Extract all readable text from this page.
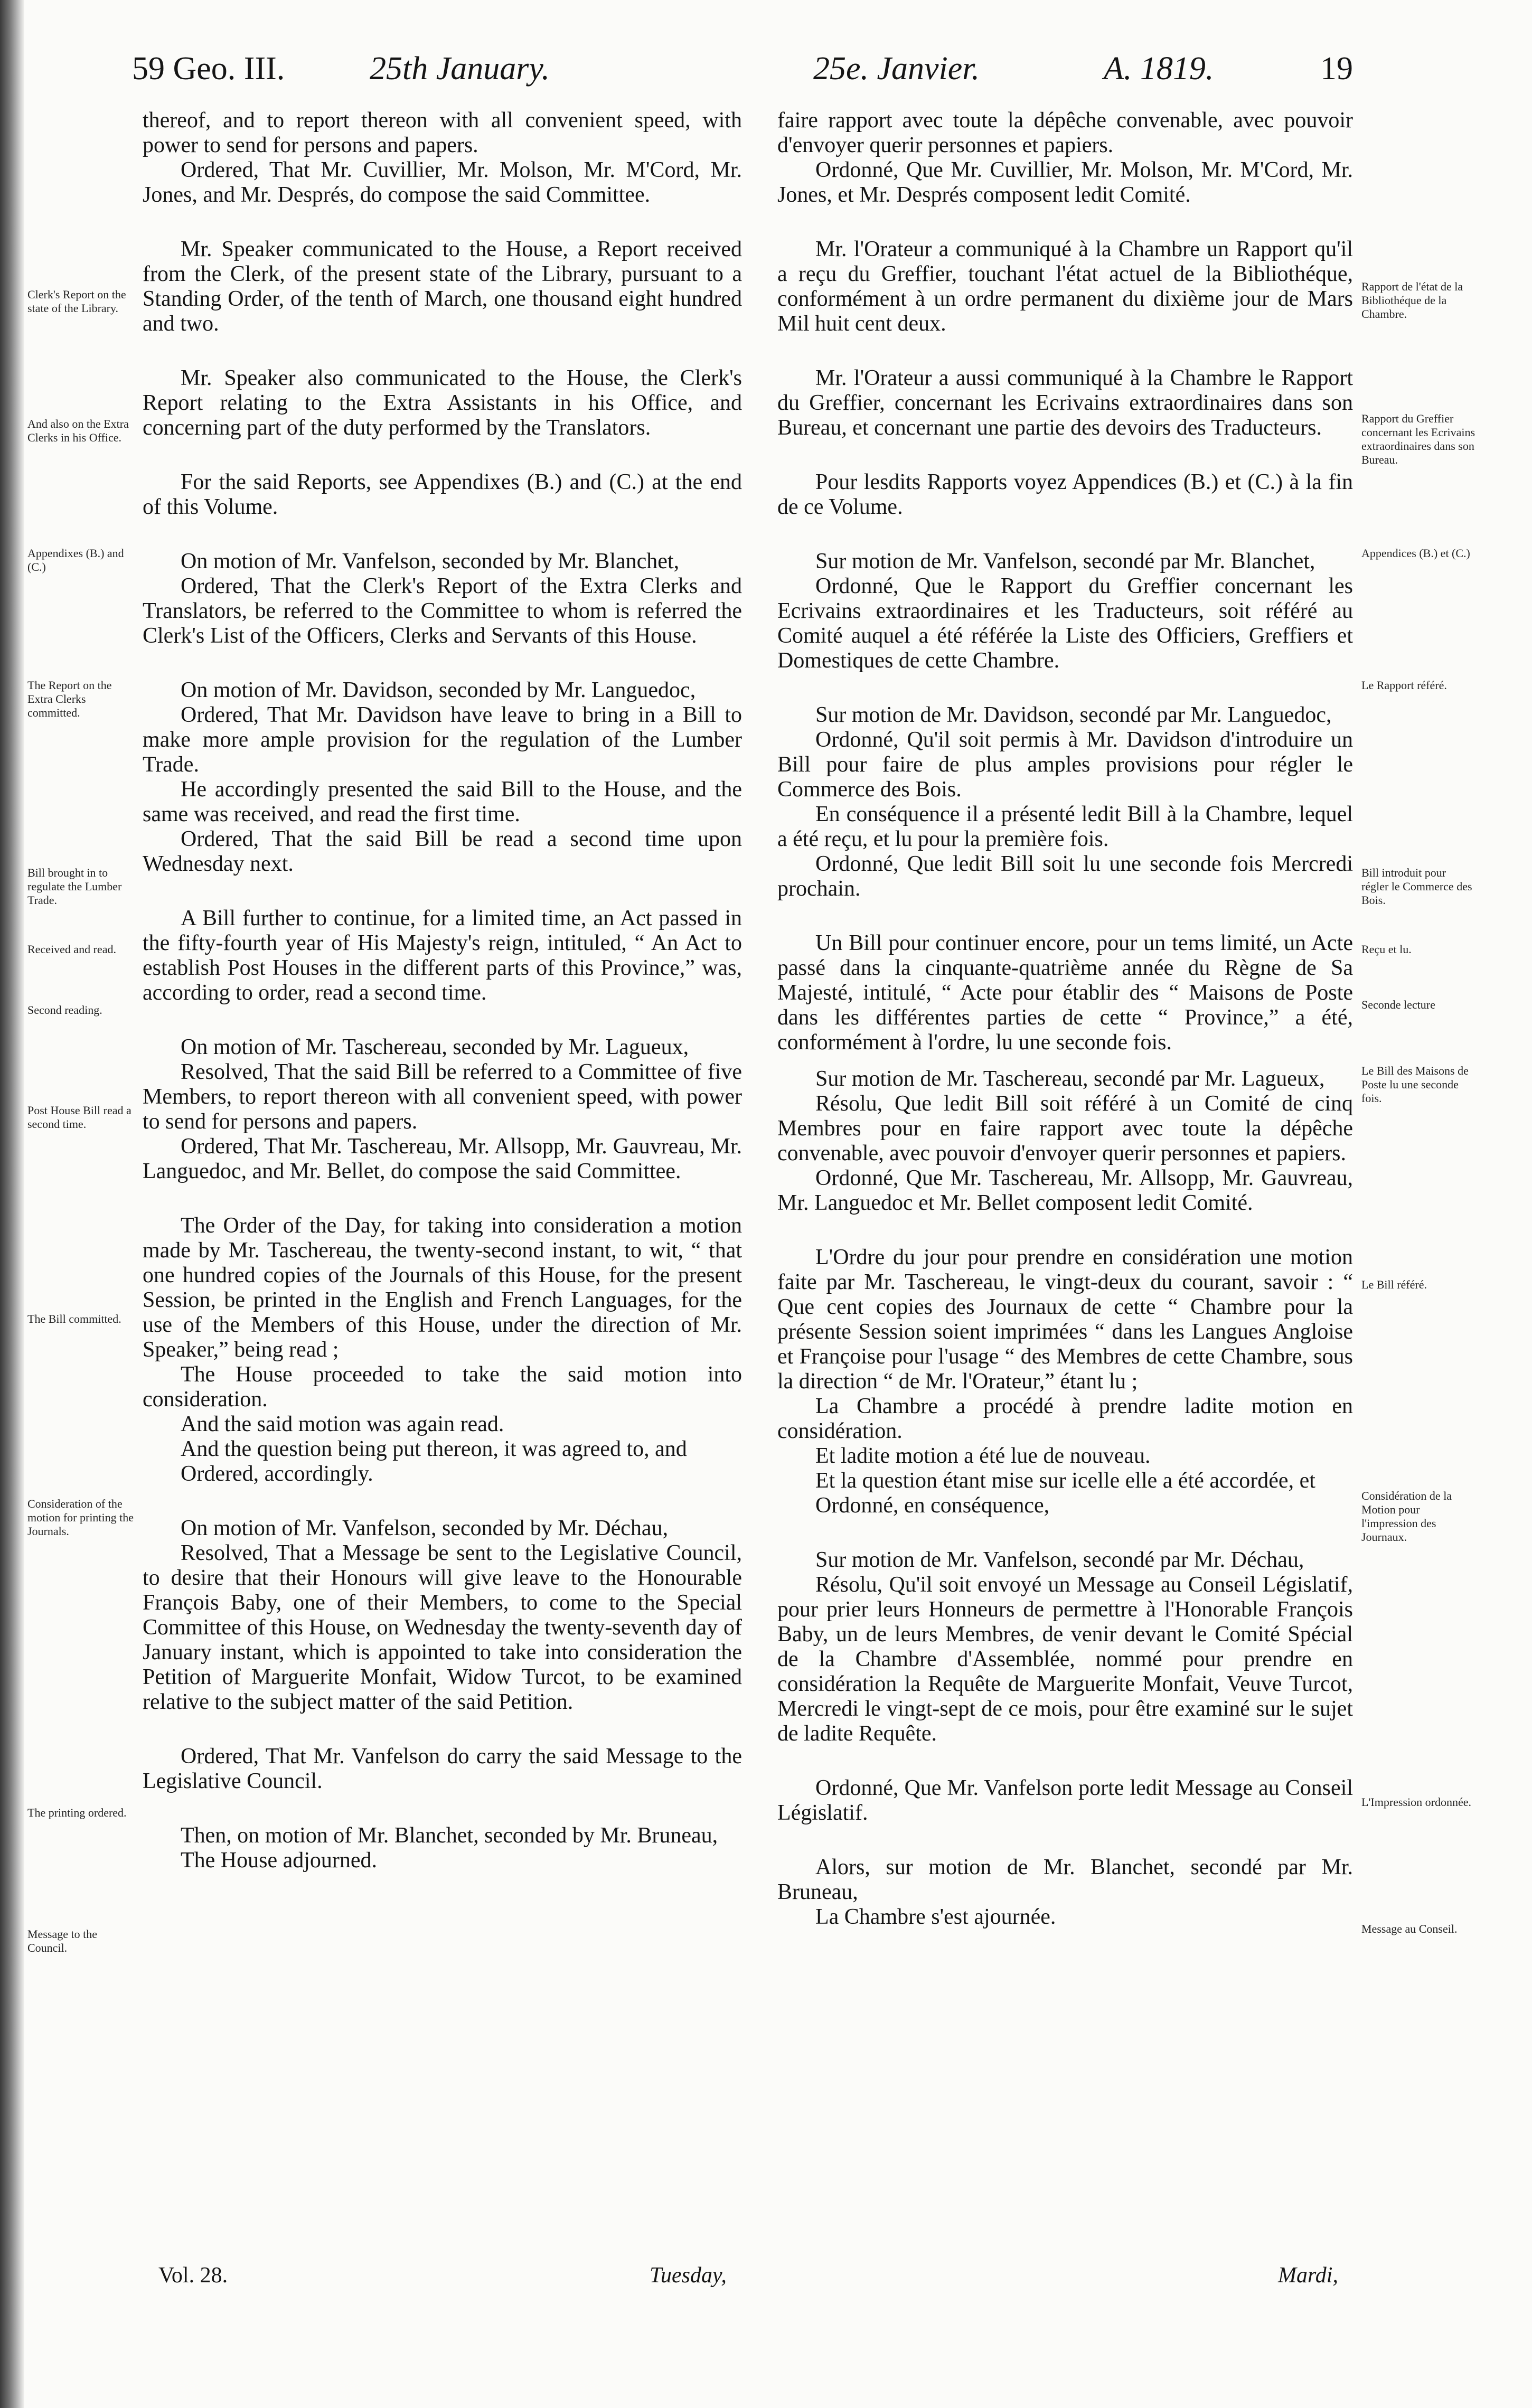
59 Geo. III.	25th January.	25e. Janvier.	A. 1819.	19

thereof, and to report thereon with all convenient speed, with power to send for persons and papers.

Ordered, That Mr. Cuvillier, Mr. Molson, Mr. M'Cord, Mr. Jones, and Mr. Després, do compose the said Committee.

Mr. Speaker communicated to the House, a Report received from the Clerk, of the present state of the Library, pursuant to a Standing Order, of the tenth of March, one thousand eight hundred and two.

Mr. Speaker also communicated to the House, the Clerk's Report relating to the Extra Assistants in his Office, and concerning part of the duty performed by the Translators.

For the said Reports, see Appendixes (B.) and (C.) at the end of this Volume.

On motion of Mr. Vanfelson, seconded by Mr. Blanchet,

Ordered, That the Clerk's Report of the Extra Clerks and Translators, be referred to the Committee to whom is referred the Clerk's List of the Officers, Clerks and Servants of this House.

On motion of Mr. Davidson, seconded by Mr. Languedoc,

Ordered, That Mr. Davidson have leave to bring in a Bill to make more ample provision for the regulation of the Lumber Trade.

He accordingly presented the said Bill to the House, and the same was received, and read the first time.

Ordered, That the said Bill be read a second time upon Wednesday next.

A Bill further to continue, for a limited time, an Act passed in the fifty-fourth year of His Majesty's reign, intituled, “ An Act to establish Post Houses in the different parts of this Province,” was, according to order, read a second time.

On motion of Mr. Taschereau, seconded by Mr. Lagueux,

Resolved, That the said Bill be referred to a Committee of five Members, to report thereon with all convenient speed, with power to send for persons and papers.

Ordered, That Mr. Taschereau, Mr. Allsopp, Mr. Gauvreau, Mr. Languedoc, and Mr. Bellet, do compose the said Committee.

The Order of the Day, for taking into consideration a motion made by Mr. Taschereau, the twenty-second instant, to wit, “ that one hundred copies of the Journals of this House, for the present Session, be printed in the English and French Languages, for the use of the Members of this House, under the direction of Mr. Speaker,” being read ;

The House proceeded to take the said motion into consideration.

And the said motion was again read.

And the question being put thereon, it was agreed to, and

Ordered, accordingly.

On motion of Mr. Vanfelson, seconded by Mr. Déchau,

Resolved, That a Message be sent to the Legislative Council, to desire that their Honours will give leave to the Honourable François Baby, one of their Members, to come to the Special Committee of this House, on Wednesday the twenty-seventh day of January instant, which is appointed to take into consideration the Petition of Marguerite Monfait, Widow Turcot, to be examined relative to the subject matter of the said Petition.

Ordered, That Mr. Vanfelson do carry the said Message to the Legislative Council.

Then, on motion of Mr. Blanchet, seconded by Mr. Bruneau,

The House adjourned.

faire rapport avec toute la dépêche convenable, avec pouvoir d'envoyer querir personnes et papiers.

Ordonné, Que Mr. Cuvillier, Mr. Molson, Mr. M'Cord, Mr. Jones, et Mr. Després composent ledit Comité.

Mr. l'Orateur a communiqué à la Chambre un Rapport qu'il a reçu du Greffier, touchant l'état actuel de la Bibliothéque, conformément à un ordre permanent du dixième jour de Mars Mil huit cent deux.

Mr. l'Orateur a aussi communiqué à la Chambre le Rapport du Greffier, concernant les Ecrivains extraordinaires dans son Bureau, et concernant une partie des devoirs des Traducteurs.

Pour lesdits Rapports voyez Appendices (B.) et (C.) à la fin de ce Volume.

Sur motion de Mr. Vanfelson, secondé par Mr. Blanchet,

Ordonné, Que le Rapport du Greffier concernant les Ecrivains extraordinaires et les Traducteurs, soit référé au Comité auquel a été référée la Liste des Officiers, Greffiers et Domestiques de cette Chambre.

Sur motion de Mr. Davidson, secondé par Mr. Languedoc,

Ordonné, Qu'il soit permis à Mr. Davidson d'introduire un Bill pour faire de plus amples provisions pour régler le Commerce des Bois.

En conséquence il a présenté ledit Bill à la Chambre, lequel a été reçu, et lu pour la première fois.

Ordonné, Que ledit Bill soit lu une seconde fois Mercredi prochain.

Un Bill pour continuer encore, pour un tems limité, un Acte passé dans la cinquante-quatrième année du Règne de Sa Majesté, intitulé, “ Acte pour établir des “ Maisons de Poste dans les différentes parties de cette “ Province,” a été, conformément à l'ordre, lu une seconde fois.

Sur motion de Mr. Taschereau, secondé par Mr. Lagueux,

Résolu, Que ledit Bill soit référé à un Comité de cinq Membres pour en faire rapport avec toute la dépêche convenable, avec pouvoir d'envoyer querir personnes et papiers.

Ordonné, Que Mr. Taschereau, Mr. Allsopp, Mr. Gauvreau, Mr. Languedoc et Mr. Bellet composent ledit Comité.

L'Ordre du jour pour prendre en considération une motion faite par Mr. Taschereau, le vingt-deux du courant, savoir : “ Que cent copies des Journaux de cette “ Chambre pour la présente Session soient imprimées “ dans les Langues Angloise et Françoise pour l'usage “ des Membres de cette Chambre, sous la direction “ de Mr. l'Orateur,” étant lu ;

La Chambre a procédé à prendre ladite motion en considération.

Et ladite motion a été lue de nouveau.

Et la question étant mise sur icelle elle a été accordée, et

Ordonné, en conséquence,

Sur motion de Mr. Vanfelson, secondé par Mr. Déchau,

Résolu, Qu'il soit envoyé un Message au Conseil Législatif, pour prier leurs Honneurs de permettre à l'Honorable François Baby, un de leurs Membres, de venir devant le Comité Spécial de la Chambre d'Assemblée, nommé pour prendre en considération la Requête de Marguerite Monfait, Veuve Turcot, Mercredi le vingt-sept de ce mois, pour être examiné sur le sujet de ladite Requête.

Ordonné, Que Mr. Vanfelson porte ledit Message au Conseil Législatif.

Alors, sur motion de Mr. Blanchet, secondé par Mr. Bruneau,

La Chambre s'est ajournée.

Clerk's Report on the state of the Library.
And also on the Extra Clerks in his Office.
Appendixes (B.) and (C.)
The Report on the Extra Clerks committed.
Bill brought in to regulate the Lumber Trade.
Received and read.
Second reading.
Post House Bill read a second time.
The Bill committed.
Consideration of the motion for printing the Journals.
The printing ordered.
Message to the Council.
Rapport de l'état de la Bibliothéque de la Chambre.
Rapport du Greffier concernant les Ecrivains extraordinaires dans son Bureau.
Appendices (B.) et (C.)
Le Rapport référé.
Bill introduit pour régler le Commerce des Bois.
Reçu et lu.
Seconde lecture
Le Bill des Maisons de Poste lu une seconde fois.
Le Bill référé.
Considération de la Motion pour l'impression des Journaux.
L'Impression ordonnée.
Message au Conseil.
Vol. 28.	Tuesday,	Mardi,
